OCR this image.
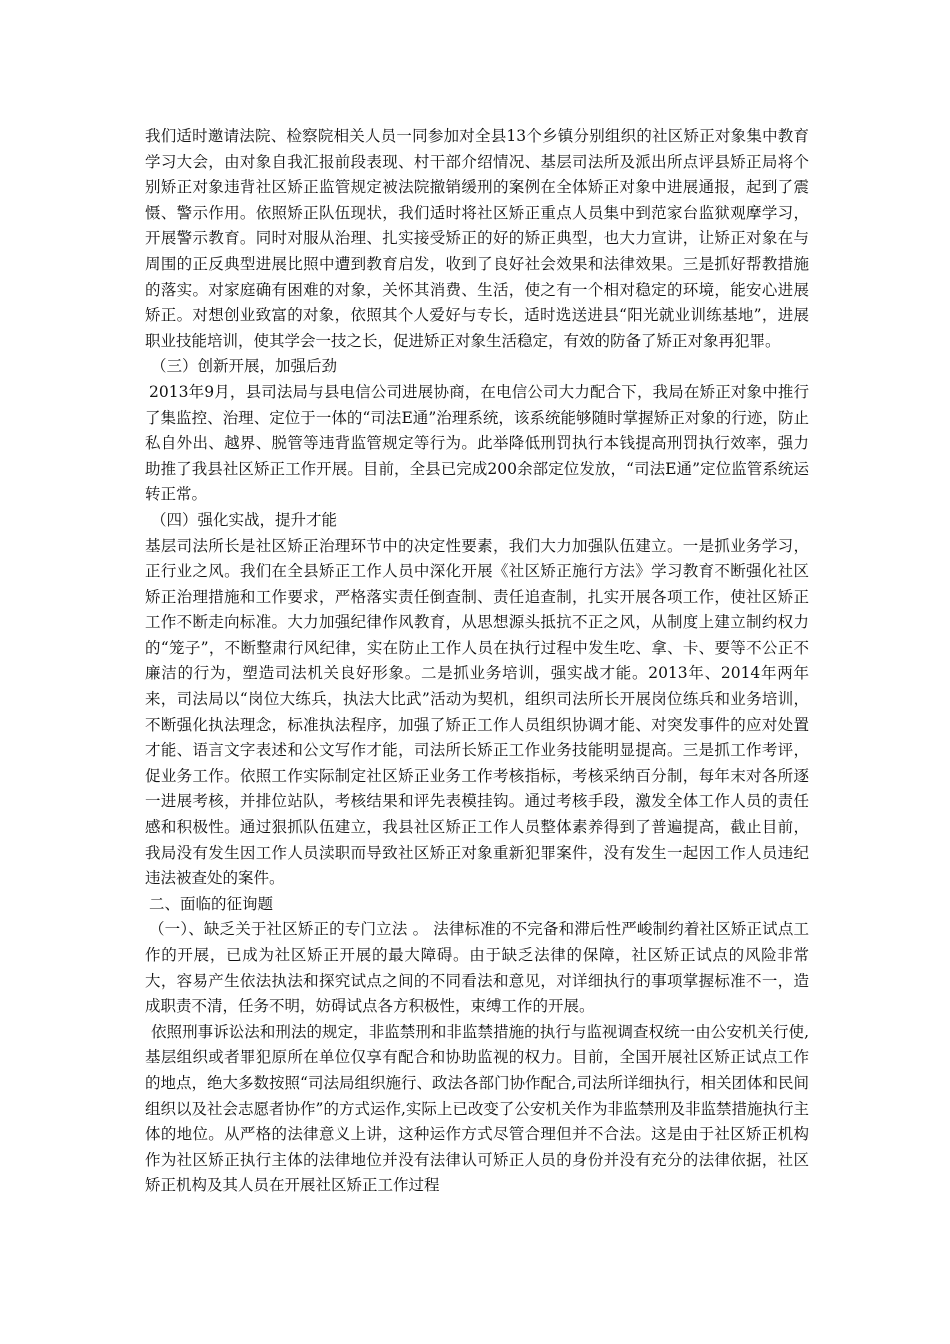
我们适时邀请法院、检察院相关人员一同参加对全县13个乡镇分别组织的社区矫正对象集中教育学习大会，由对象自我汇报前段表现、村干部介绍情况、基层司法所及派出所点评县矫正局将个别矫正对象违背社区矫正监管规定被法院撤销缓刑的案例在全体矫正对象中进展通报，起到了震慑、警示作用。依照矫正队伍现状，我们适时将社区矫正重点人员集中到范家台监狱观摩学习，开展警示教育。同时对服从治理、扎实接受矫正的好的矫正典型，也大力宣讲，让矫正对象在与周围的正反典型进展比照中遭到教育启发，收到了良好社会效果和法律效果。三是抓好帮教措施的落实。对家庭确有困难的对象，关怀其消费、生活，使之有一个相对稳定的环境，能安心进展矫正。对想创业致富的对象，依照其个人爱好与专长，适时选送进县“阳光就业训练基地”，进展职业技能培训，使其学会一技之长，促进矫正对象生活稳定，有效的防备了矫正对象再犯罪。

（三）创新开展，加强后劲

2013年9月，县司法局与县电信公司进展协商，在电信公司大力配合下，我局在矫正对象中推行了集监控、治理、定位于一体的“司法E通”治理系统，该系统能够随时掌握矫正对象的行迹，防止私自外出、越界、脱管等违背监管规定等行为。此举降低刑罚执行本钱提高刑罚执行效率，强力助推了我县社区矫正工作开展。目前，全县已完成200余部定位发放，“司法E通”定位监管系统运转正常。

（四）强化实战，提升才能

基层司法所长是社区矫正治理环节中的决定性要素，我们大力加强队伍建立。一是抓业务学习，正行业之风。我们在全县矫正工作人员中深化开展《社区矫正施行方法》学习教育不断强化社区矫正治理措施和工作要求，严格落实责任倒查制、责任追查制，扎实开展各项工作，使社区矫正工作不断走向标准。大力加强纪律作风教育，从思想源头抵抗不正之风，从制度上建立制约权力的“笼子”，不断整肃行风纪律，实在防止工作人员在执行过程中发生吃、拿、卡、要等不公正不廉洁的行为，塑造司法机关良好形象。二是抓业务培训，强实战才能。2013年、2014年两年来，司法局以“岗位大练兵，执法大比武”活动为契机，组织司法所长开展岗位练兵和业务培训，不断强化执法理念，标准执法程序，加强了矫正工作人员组织协调才能、对突发事件的应对处置才能、语言文字表述和公文写作才能，司法所长矫正工作业务技能明显提高。三是抓工作考评，促业务工作。依照工作实际制定社区矫正业务工作考核指标，考核采纳百分制，每年末对各所逐一进展考核，并排位站队，考核结果和评先表模挂钩。通过考核手段，激发全体工作人员的责任感和积极性。通过狠抓队伍建立，我县社区矫正工作人员整体素养得到了普遍提高，截止目前，我局没有发生因工作人员渎职而导致社区矫正对象重新犯罪案件，没有发生一起因工作人员违纪违法被查处的案件。

二、面临的征询题

（一）、缺乏关于社区矫正的专门立法 。 法律标准的不完备和滞后性严峻制约着社区矫正试点工作的开展，已成为社区矫正开展的最大障碍。由于缺乏法律的保障，社区矫正试点的风险非常大，容易产生依法执法和探究试点之间的不同看法和意见，对详细执行的事项掌握标准不一，造成职责不清，任务不明，妨碍试点各方积极性，束缚工作的开展。

依照刑事诉讼法和刑法的规定，非监禁刑和非监禁措施的执行与监视调查权统一由公安机关行使,基层组织或者罪犯原所在单位仅享有配合和协助监视的权力。目前，全国开展社区矫正试点工作的地点，绝大多数按照“司法局组织施行、政法各部门协作配合,司法所详细执行，相关团体和民间组织以及社会志愿者协作”的方式运作,实际上已改变了公安机关作为非监禁刑及非监禁措施执行主体的地位。从严格的法律意义上讲，这种运作方式尽管合理但并不合法。这是由于社区矫正机构作为社区矫正执行主体的法律地位并没有法律认可矫正人员的身份并没有充分的法律依据，社区矫正机构及其人员在开展社区矫正工作过程
